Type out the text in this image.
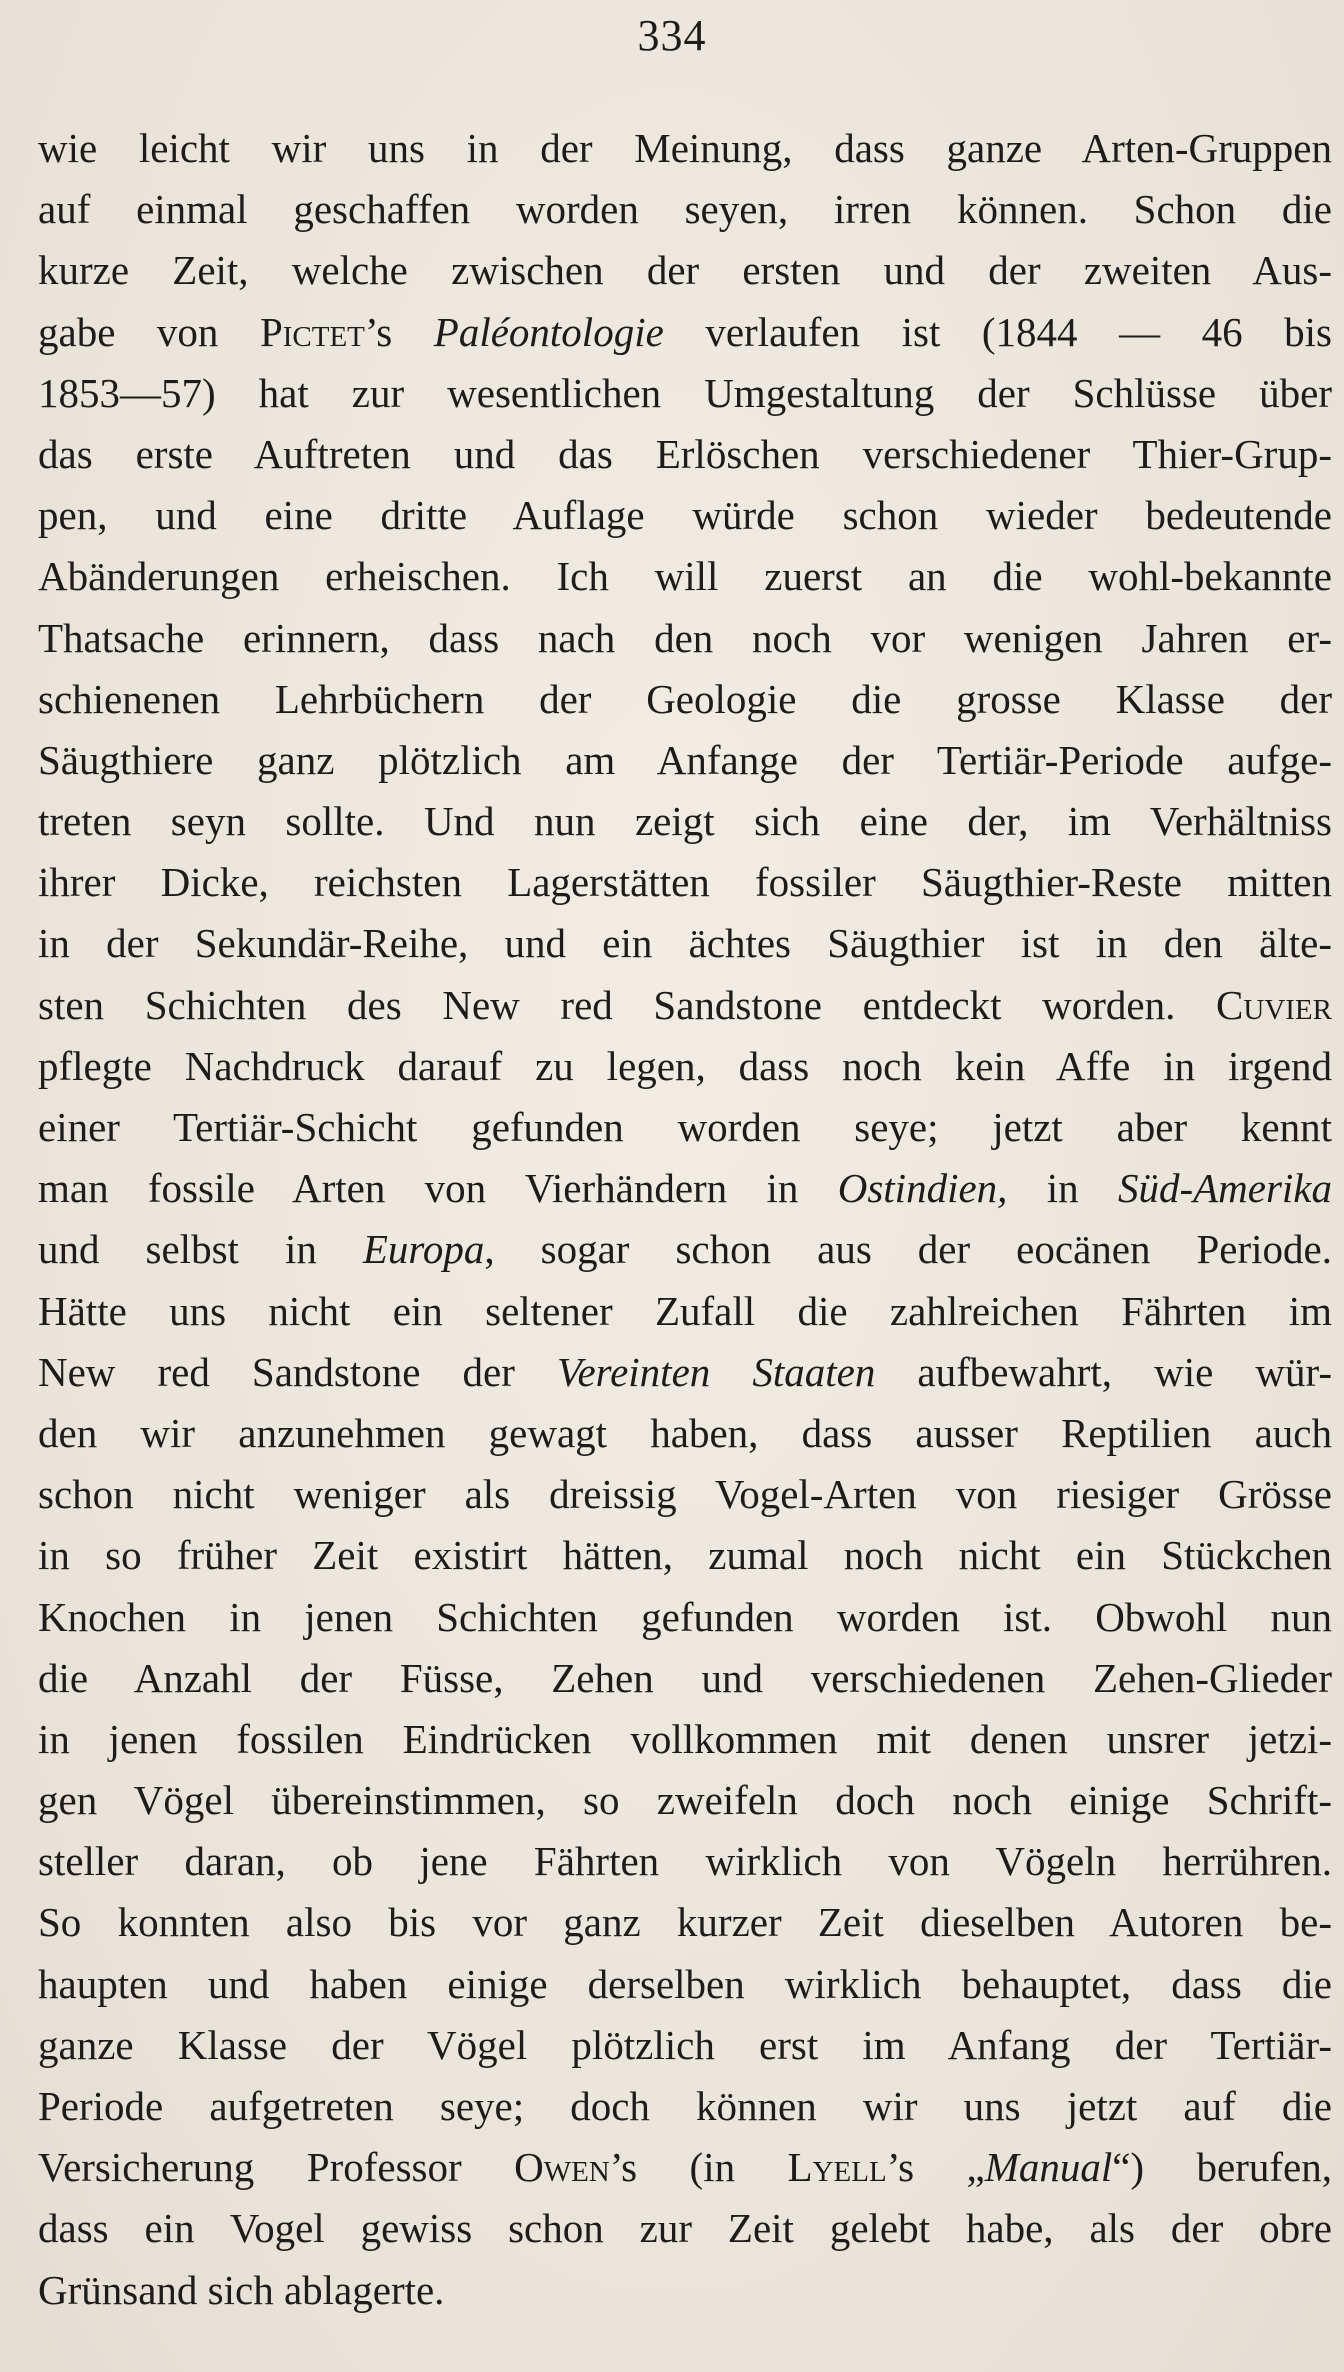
334
wie leicht wir uns in der Meinung, dass ganze Arten-Gruppen
auf einmal geschaffen worden seyen, irren können. Schon die
kurze Zeit, welche zwischen der ersten und der zweiten Aus-
gabe von Pictet’s Paléontologie verlaufen ist (1844 — 46 bis
1853—57) hat zur wesentlichen Umgestaltung der Schlüsse über
das erste Auftreten und das Erlöschen verschiedener Thier-Grup-
pen, und eine dritte Auflage würde schon wieder bedeutende
Abänderungen erheischen. Ich will zuerst an die wohl-bekannte
Thatsache erinnern, dass nach den noch vor wenigen Jahren er-
schienenen Lehrbüchern der Geologie die grosse Klasse der
Säugthiere ganz plötzlich am Anfange der Tertiär-Periode aufge-
treten seyn sollte. Und nun zeigt sich eine der, im Verhältniss
ihrer Dicke, reichsten Lagerstätten fossiler Säugthier-Reste mitten
in der Sekundär-Reihe, und ein ächtes Säugthier ist in den älte-
sten Schichten des New red Sandstone entdeckt worden. Cuvier
pflegte Nachdruck darauf zu legen, dass noch kein Affe in irgend
einer Tertiär-Schicht gefunden worden seye; jetzt aber kennt
man fossile Arten von Vierhändern in Ostindien, in Süd-Amerika
und selbst in Europa, sogar schon aus der eocänen Periode.
Hätte uns nicht ein seltener Zufall die zahlreichen Fährten im
New red Sandstone der Vereinten Staaten aufbewahrt, wie wür-
den wir anzunehmen gewagt haben, dass ausser Reptilien auch
schon nicht weniger als dreissig Vogel-Arten von riesiger Grösse
in so früher Zeit existirt hätten, zumal noch nicht ein Stückchen
Knochen in jenen Schichten gefunden worden ist. Obwohl nun
die Anzahl der Füsse, Zehen und verschiedenen Zehen-Glieder
in jenen fossilen Eindrücken vollkommen mit denen unsrer jetzi-
gen Vögel übereinstimmen, so zweifeln doch noch einige Schrift-
steller daran, ob jene Fährten wirklich von Vögeln herrühren.
So konnten also bis vor ganz kurzer Zeit dieselben Autoren be-
haupten und haben einige derselben wirklich behauptet, dass die
ganze Klasse der Vögel plötzlich erst im Anfang der Tertiär-
Periode aufgetreten seye; doch können wir uns jetzt auf die
Versicherung Professor Owen’s (in Lyell’s „Manual“) berufen,
dass ein Vogel gewiss schon zur Zeit gelebt habe, als der obre
Grünsand sich ablagerte.
